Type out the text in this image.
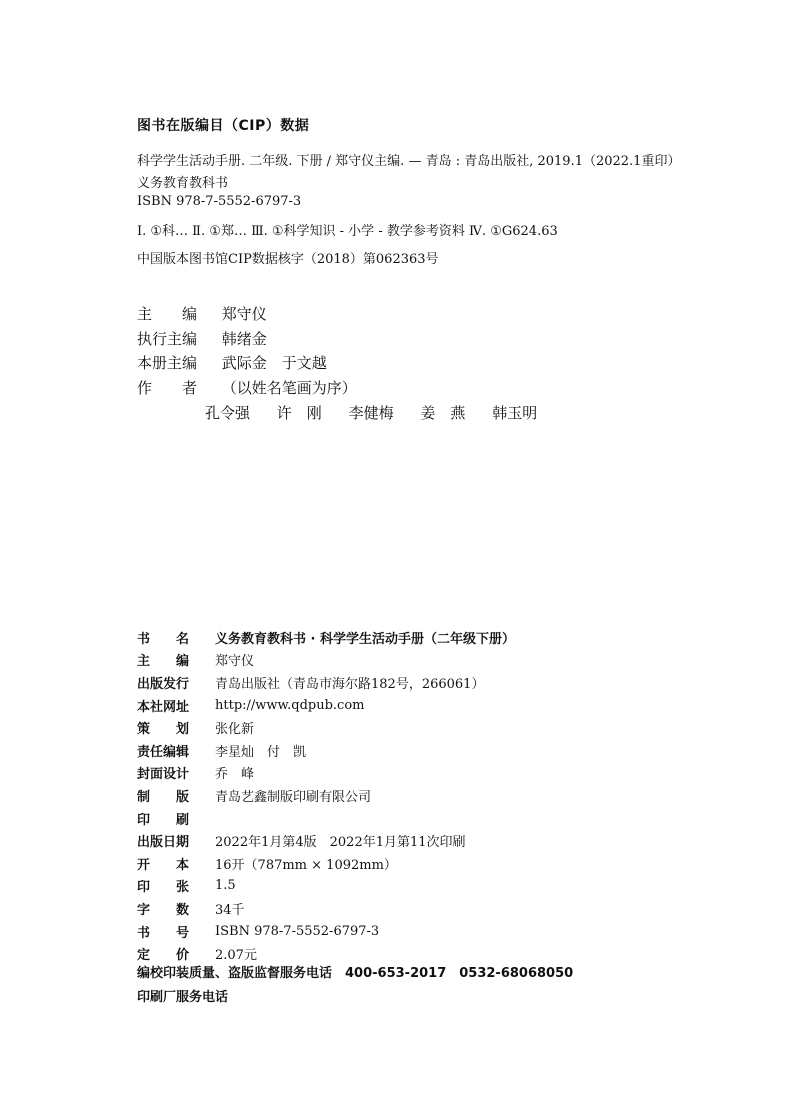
图书在版编目（CIP）数据
科学学生活动手册. 二年级. 下册 / 郑守仪主编. — 青岛 : 青岛出版社, 2019.1（2022.1重印）
义务教育教科书
ISBN 978-7-5552-6797-3
Ⅰ. ①科… Ⅱ. ①郑… Ⅲ. ①科学知识 - 小学 - 教学参考资料 Ⅳ. ①G624.63
中国版本图书馆CIP数据核字（2018）第062363号
主　　编 郑守仪
执行主编 韩绪金
本册主编 武际金　于文越
作　　者 （以姓名笔画为序）
孔令强 许　刚 李健梅 姜　燕 韩玉明
书　　名	义务教育教科书 · 科学学生活动手册（二年级下册）
主　　编	郑守仪
出版发行	青岛出版社（青岛市海尔路182号，266061）
本社网址	http://www.qdpub.com
策　　划	张化新
责任编辑	李星灿　付　凯
封面设计	乔　峰
制　　版	青岛艺鑫制版印刷有限公司
印　　刷
出版日期	2022年1月第4版　2022年1月第11次印刷
开　　本	16开（787mm × 1092mm）
印　　张	1.5
字　　数	34千
书　　号	ISBN 978-7-5552-6797-3
定　　价	2.07元
编校印装质量、盗版监督服务电话　400-653-2017　0532-68068050
印刷厂服务电话
